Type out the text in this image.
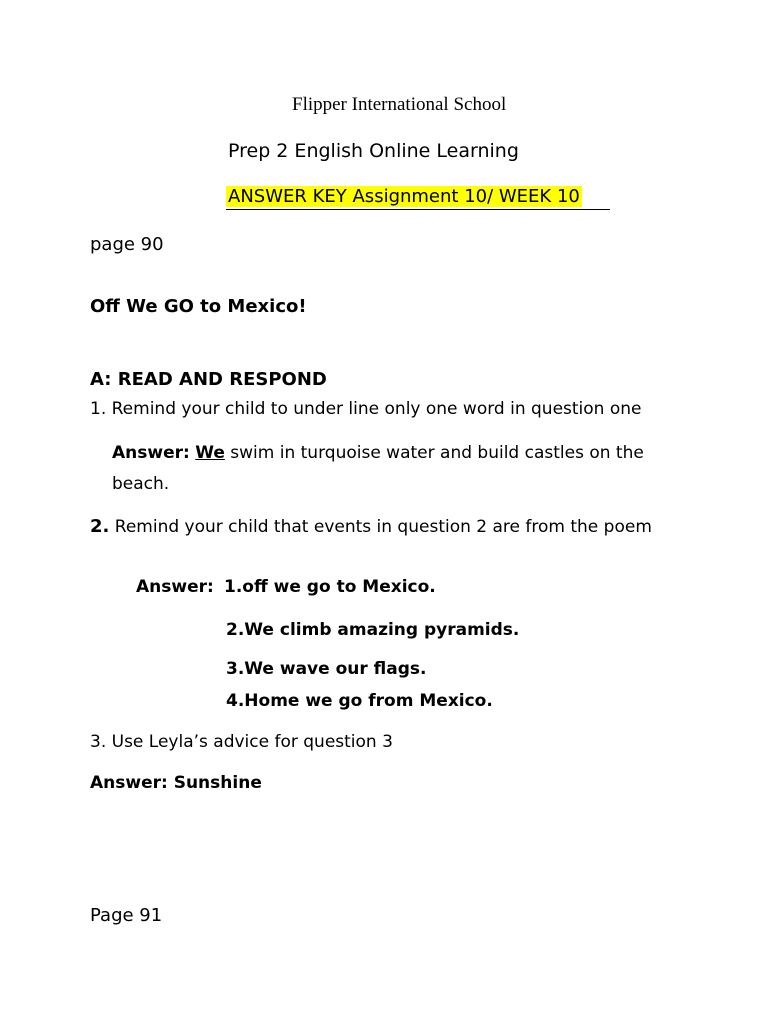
Flipper International School
Prep 2 English Online Learning
ANSWER KEY Assignment 10/ WEEK 10
page 90
Off We GO to Mexico!
A: READ AND RESPOND
1. Remind your child to under line only one word in question one
Answer: We swim in turquoise water and build castles on the beach.
2. Remind your child that events in question 2 are from the poem
Answer: 1.off we go to Mexico.
2.We climb amazing pyramids.
3.We wave our flags.
4.Home we go from Mexico.
3. Use Leyla’s advice for question 3
Answer: Sunshine
Page 91
